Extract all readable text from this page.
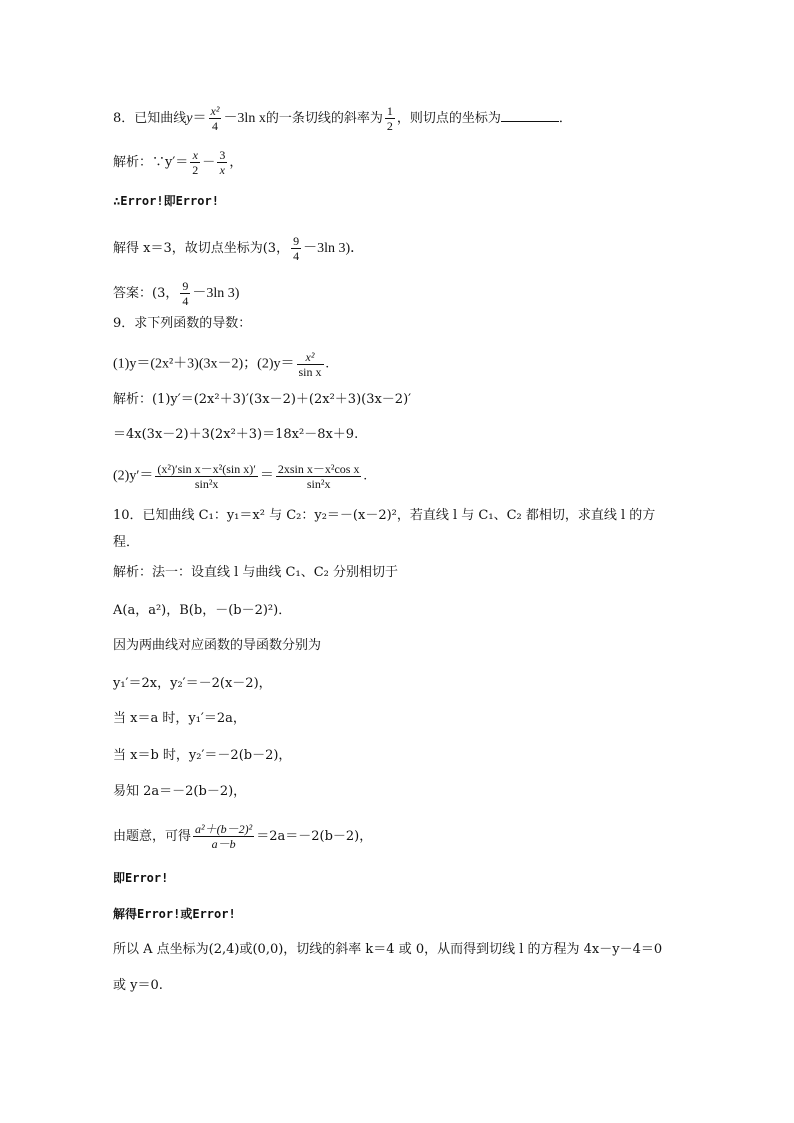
8．已知曲线$y= \frac{\text{x²}}{4} -3\ln$ x的一条切线的斜率为 $\frac{1}{2}$ ，则切点的坐标为	．
解析：∵y′＝ $\frac{x}{2} - \frac{3}{x}$ ，
∴Error!即Error!
解得 x＝3，故切点坐标为(3， $\frac{9}{4} -3\ln$ 3)．
答案：(3， $\frac{9}{4} -3\ln$ 3)
9．求下列函数的导数：
(1)y＝(2x²＋3)(3x－2)；$(2)y= \frac{\text{x²}}{\text{sin x}}$ .
解析：(1)y′＝(2x²＋3)′(3x－2)＋(2x²＋3)(3x－2)′
＝4x(3x－2)＋3(2x²＋3)＝18x²－8x＋9.
$(2)y'= \frac{\text{(x²)′sin x－x²(sin x)′}}{\text{sin²x}} = \frac{\text{2xsin x－x²cos x}}{\text{sin²x}}$ .
10．已知曲线 C₁：y₁＝x² 与 C₂：y₂＝－(x－2)²，若直线 l 与 C₁、C₂ 都相切，求直线 l 的方
程．
解析：法一：设直线 l 与曲线 C₁、C₂ 分别相切于
A(a，a²)，B(b，－(b－2)²)．
因为两曲线对应函数的导函数分别为
y₁′＝2x，y₂′＝－2(x－2)，
当 x＝a 时，y₁′＝2a，
当 x＝b 时，y₂′＝－2(b－2)，
易知 2a＝－2(b－2)，
由题意，可得 $\frac{\text{a²＋(b－2)²}}{a-b} =2a=-2(b-2)$，
即Error!
解得Error!或Error!
所以 A 点坐标为(2,4)或(0,0)，切线的斜率 k＝4 或 0，从而得到切线 l 的方程为 4x－y－4＝0
或 y＝0.
